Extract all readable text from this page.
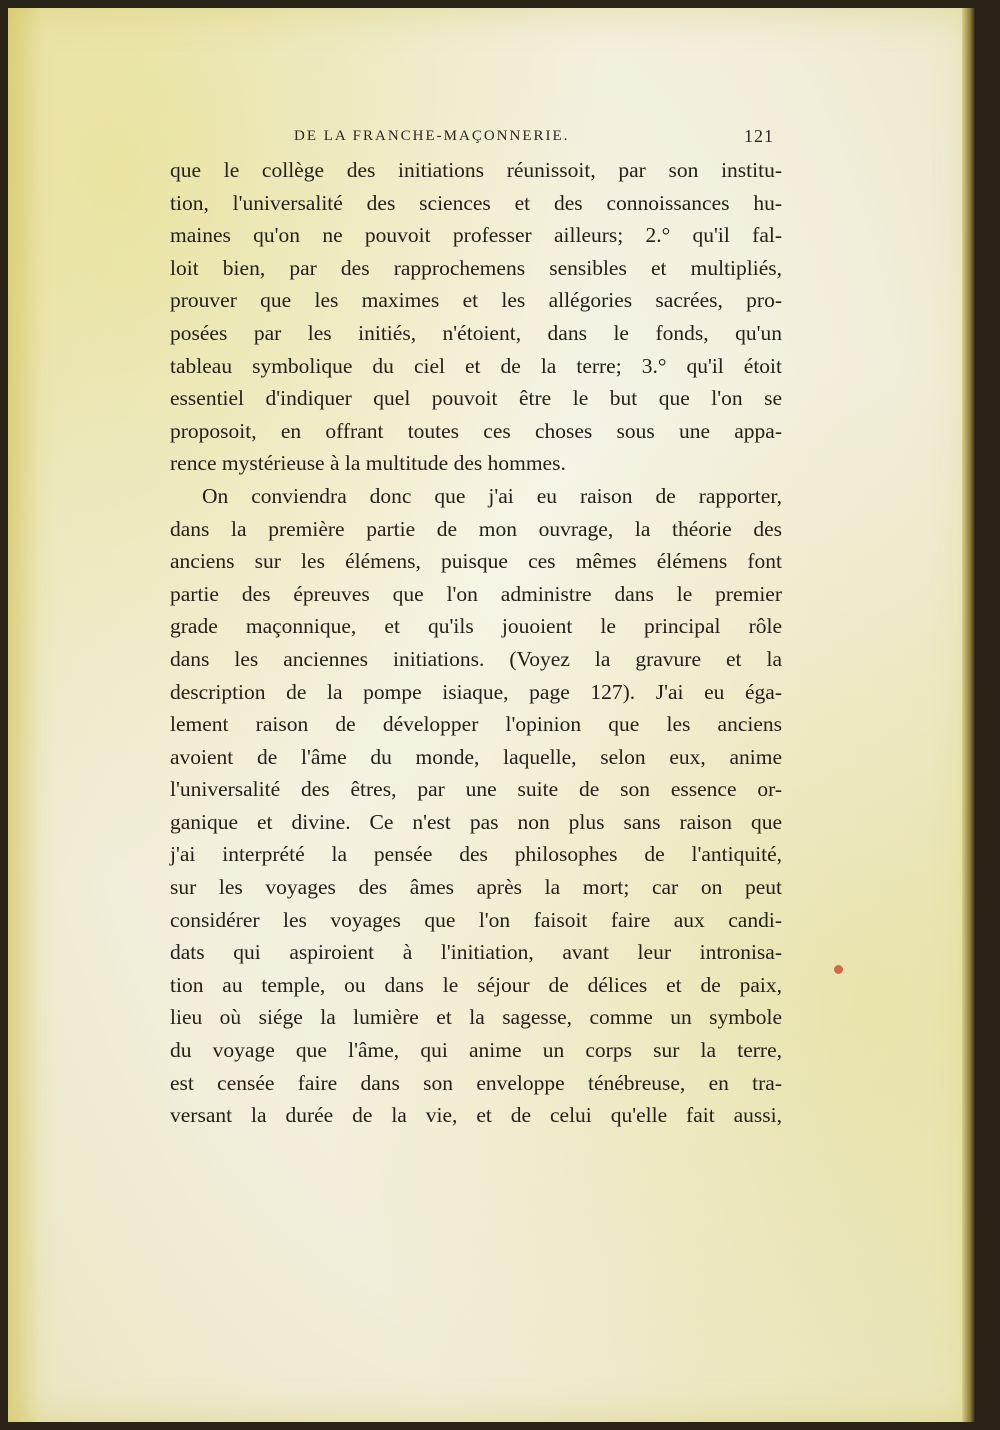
DE LA FRANCHE-MAÇONNERIE.	121
que le collège des initiations réunissoit, par son institu-
tion, l'universalité des sciences et des connoissances hu-
maines qu'on ne pouvoit professer ailleurs; 2.° qu'il fal-
loit bien, par des rapprochemens sensibles et multipliés,
prouver que les maximes et les allégories sacrées, pro-
posées par les initiés, n'étoient, dans le fonds, qu'un
tableau symbolique du ciel et de la terre; 3.° qu'il étoit
essentiel d'indiquer quel pouvoit être le but que l'on se
proposoit, en offrant toutes ces choses sous une appa-
rence mystérieuse à la multitude des hommes.
On conviendra donc que j'ai eu raison de rapporter,
dans la première partie de mon ouvrage, la théorie des
anciens sur les élémens, puisque ces mêmes élémens font
partie des épreuves que l'on administre dans le premier
grade maçonnique, et qu'ils jouoient le principal rôle
dans les anciennes initiations. (Voyez la gravure et la
description de la pompe isiaque, page 127). J'ai eu éga-
lement raison de développer l'opinion que les anciens
avoient de l'âme du monde, laquelle, selon eux, anime
l'universalité des êtres, par une suite de son essence or-
ganique et divine. Ce n'est pas non plus sans raison que
j'ai interprété la pensée des philosophes de l'antiquité,
sur les voyages des âmes après la mort; car on peut
considérer les voyages que l'on faisoit faire aux candi-
dats qui aspiroient à l'initiation, avant leur intronisa-
tion au temple, ou dans le séjour de délices et de paix,
lieu où siége la lumière et la sagesse, comme un symbole
du voyage que l'âme, qui anime un corps sur la terre,
est censée faire dans son enveloppe ténébreuse, en tra-
versant la durée de la vie, et de celui qu'elle fait aussi,
